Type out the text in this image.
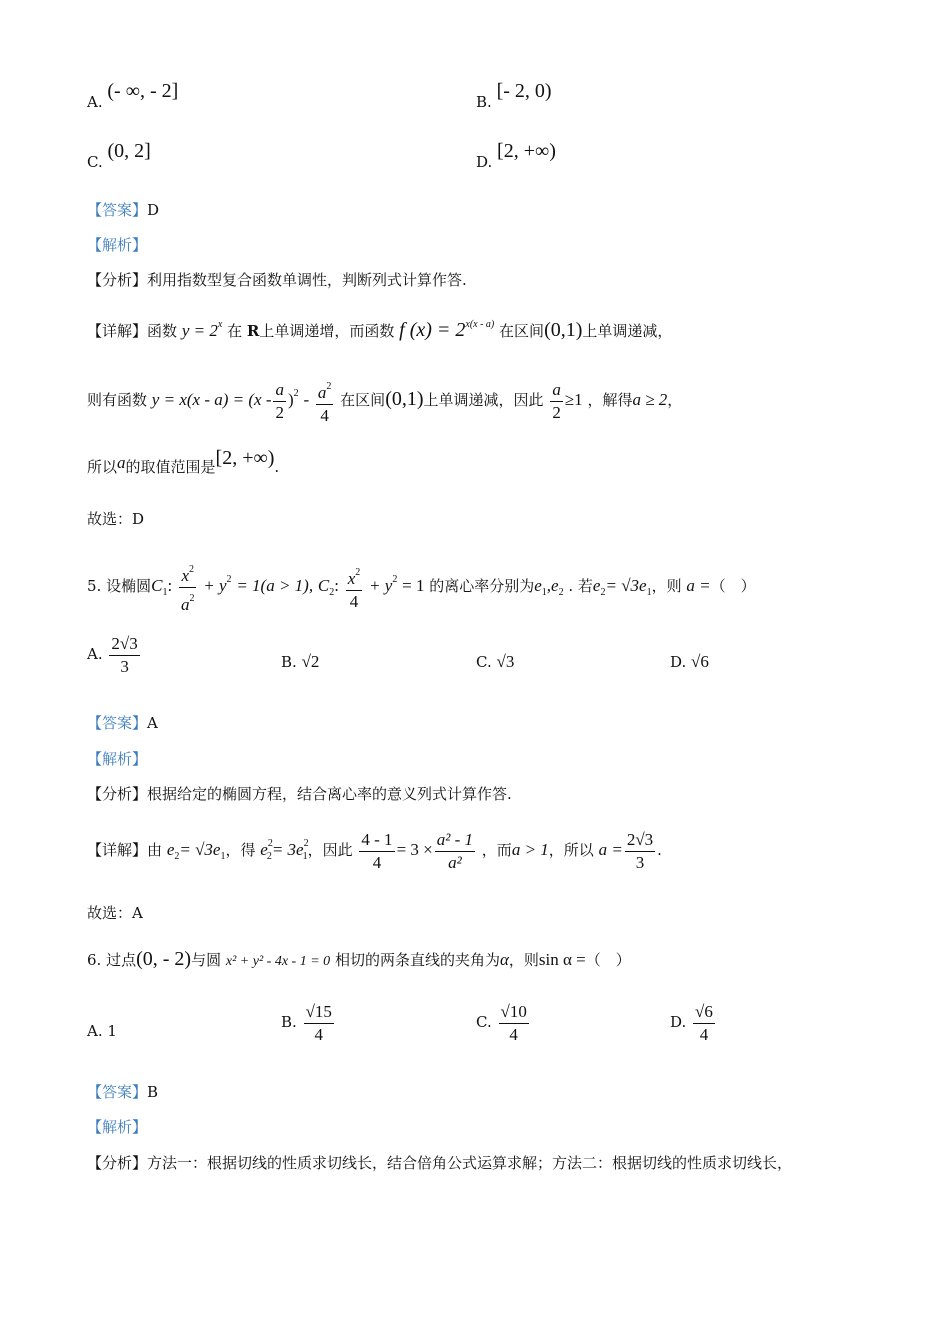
A. (- ∞, - 2]	B. [- 2, 0)
C. (0, 2]	D. [2, +∞)
【答案】D
【解析】
【分析】利用指数型复合函数单调性，判断列式计算作答.
【详解】函数 $y = 2^x$ 在 R上单调递增，而函数 f $(x) = 2^{x(x - a)}$ 在区间(0,1)上单调递减，
则有函数 $y = x(x - a) = (x - \frac{a}{2} )^2 - \frac{a^2}{4}$ 在区间(0,1)上单调递减，因此 $\frac{a}{2} \ge 1$ ，解得a ≥ 2，
所以a的取值范围是[2, +∞).
故选：D
5. 设椭圆$C_1$: $\frac{x^2}{a^2} + y^2 = 1(a > 1)$, $C_2$: $\frac{x^2}{4} + y^2 = 1$ 的离心率分别为$e_1,e_2$ . 若$e_2= √3e_1$，则 a =（　）
A. $\frac{2√3}{3}$	B. √2	C. √3	D. √6
【答案】A
【解析】
【分析】根据给定的椭圆方程，结合离心率的意义列式计算作答.
【详解】由 $e_2= √3e_1$，得 $e^2_2= 3e^2_1$，因此 $\frac{4 - 1}{4} = 3 \times \frac{\text{a² - 1}}{\text{a²}}$ ，而a > 1，所以 $a = \frac{2√3}{3}$ .
故选：A
6. 过点(0, - 2)与圆 x² + y² - 4x - 1 = 0 相切的两条直线的夹角为α，则sin α =（　）
A. 1	B. $\frac{√15}{4}$	C. $\frac{√10}{4}$	D. $\frac{√6}{4}$
【答案】B
【解析】
【分析】方法一：根据切线的性质求切线长，结合倍角公式运算求解；方法二：根据切线的性质求切线长，
